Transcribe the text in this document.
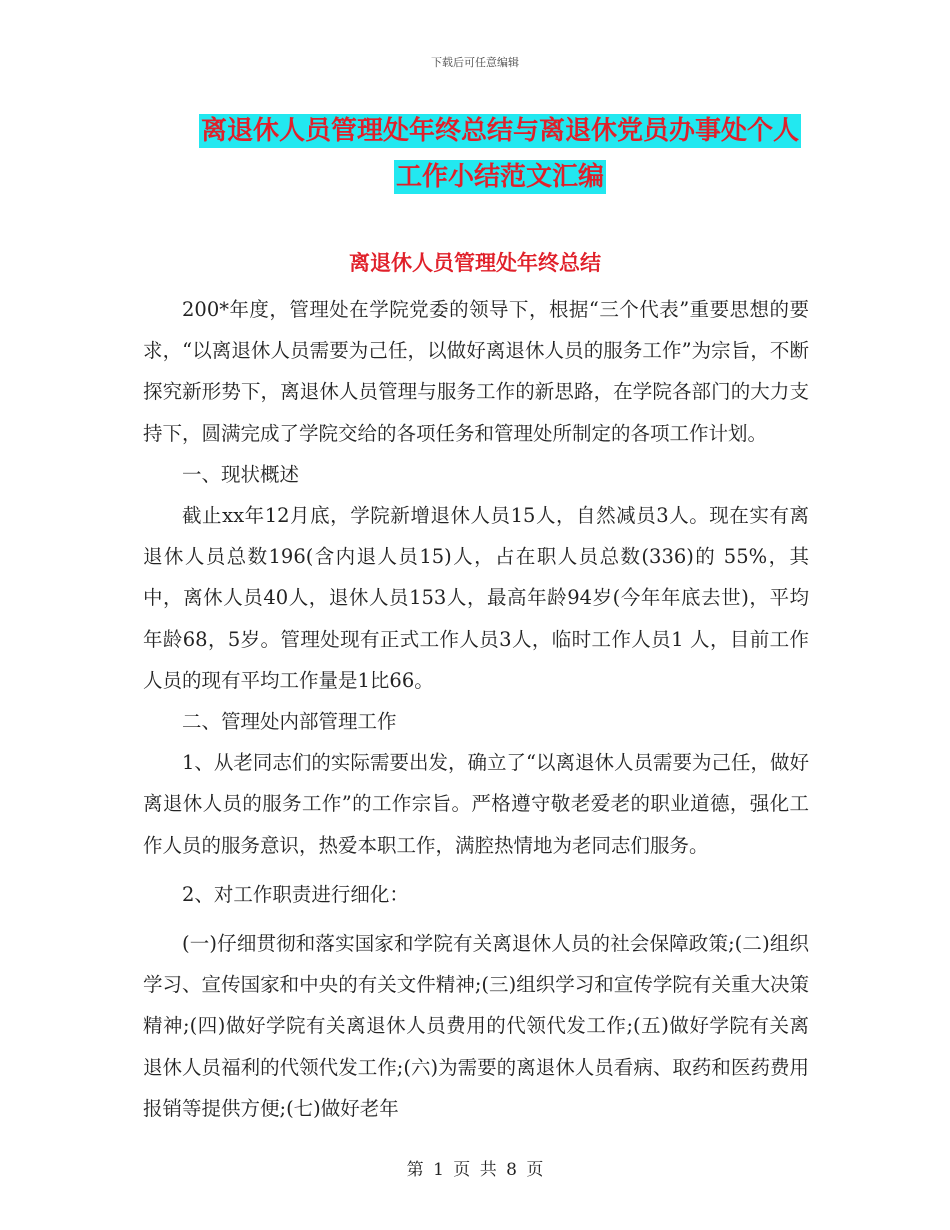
下载后可任意编辑
离退休人员管理处年终总结与离退休党员办事处个人
工作小结范文汇编
离退休人员管理处年终总结

200*年度，管理处在学院党委的领导下，根据“三个代表”重要思想的要求，“以离退休人员需要为己任，以做好离退休人员的服务工作”为宗旨，不断探究新形势下，离退休人员管理与服务工作的新思路，在学院各部门的大力支持下，圆满完成了学院交给的各项任务和管理处所制定的各项工作计划。

一、现状概述

截止xx年12月底，学院新增退休人员15人，自然减员3人。现在实有离退休人员总数196(含内退人员15)人，占在职人员总数(336)的 55%，其中，离休人员40人，退休人员153人，最高年龄94岁(今年年底去世)，平均年龄68，5岁。管理处现有正式工作人员3人，临时工作人员1 人，目前工作人员的现有平均工作量是1比66。

二、管理处内部管理工作

1、从老同志们的实际需要出发，确立了“以离退休人员需要为己任，做好离退休人员的服务工作”的工作宗旨。严格遵守敬老爱老的职业道德，强化工作人员的服务意识，热爱本职工作，满腔热情地为老同志们服务。

2、对工作职责进行细化：

(一)仔细贯彻和落实国家和学院有关离退休人员的社会保障政策;(二)组织学习、宣传国家和中央的有关文件精神;(三)组织学习和宣传学院有关重大决策精神;(四)做好学院有关离退休人员费用的代领代发工作;(五)做好学院有关离退休人员福利的代领代发工作;(六)为需要的离退休人员看病、取药和医药费用报销等提供方便;(七)做好老年

第 1 页 共 8 页
